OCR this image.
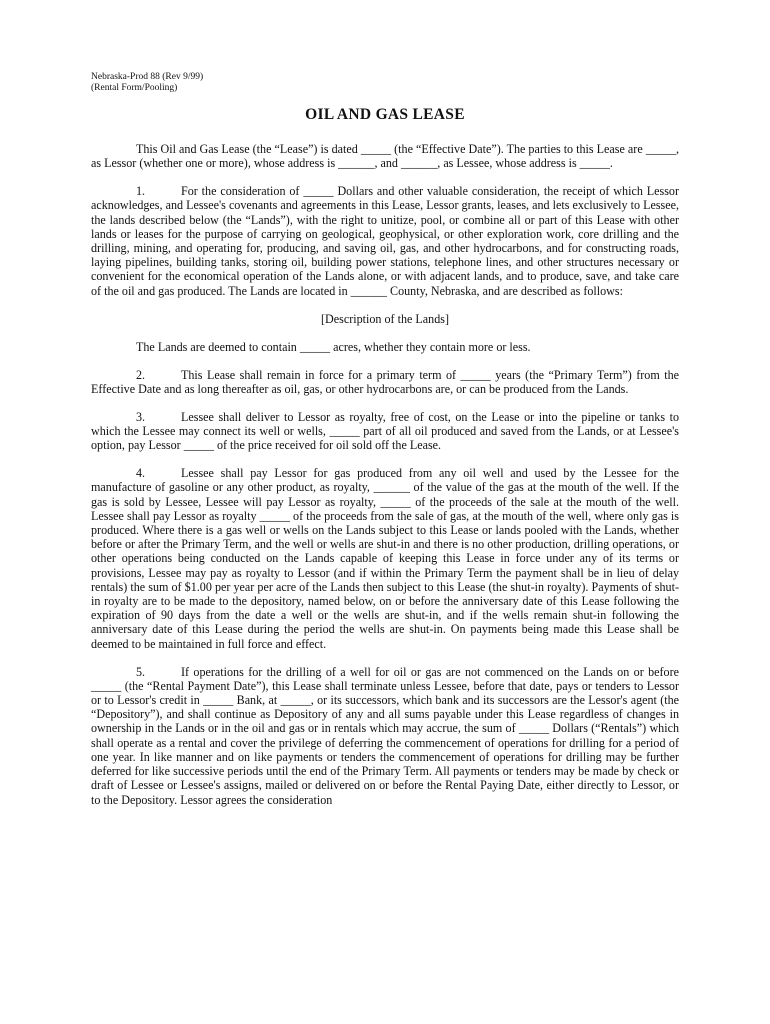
Nebraska-Prod 88 (Rev 9/99)
(Rental Form/Pooling)
OIL AND GAS LEASE

This Oil and Gas Lease (the “Lease”) is dated _____ (the “Effective Date”). The parties to this Lease are _____, as Lessor (whether one or more), whose address is ______, and ______, as Lessee, whose address is _____.

1.	For the consideration of _____ Dollars and other valuable consideration, the receipt of which Lessor acknowledges, and Lessee's covenants and agreements in this Lease, Lessor grants, leases, and lets exclusively to Lessee, the lands described below (the “Lands”), with the right to unitize, pool, or combine all or part of this Lease with other lands or leases for the purpose of carrying on geological, geophysical, or other exploration work, core drilling and the drilling, mining, and operating for, producing, and saving oil, gas, and other hydrocarbons, and for constructing roads, laying pipelines, building tanks, storing oil, building power stations, telephone lines, and other structures necessary or convenient for the economical operation of the Lands alone, or with adjacent lands, and to produce, save, and take care of the oil and gas produced. The Lands are located in ______ County, Nebraska, and are described as follows:

[Description of the Lands]

The Lands are deemed to contain _____ acres, whether they contain more or less.

2.	This Lease shall remain in force for a primary term of _____ years (the “Primary Term”) from the Effective Date and as long thereafter as oil, gas, or other hydrocarbons are, or can be produced from the Lands.

3.	Lessee shall deliver to Lessor as royalty, free of cost, on the Lease or into the pipeline or tanks to which the Lessee may connect its well or wells, _____ part of all oil produced and saved from the Lands, or at Lessee's option, pay Lessor _____ of the price received for oil sold off the Lease.

4.	Lessee shall pay Lessor for gas produced from any oil well and used by the Lessee for the manufacture of gasoline or any other product, as royalty, ______ of the value of the gas at the mouth of the well. If the gas is sold by Lessee, Lessee will pay Lessor as royalty, _____ of the proceeds of the sale at the mouth of the well. Lessee shall pay Lessor as royalty _____ of the proceeds from the sale of gas, at the mouth of the well, where only gas is produced. Where there is a gas well or wells on the Lands subject to this Lease or lands pooled with the Lands, whether before or after the Primary Term, and the well or wells are shut-in and there is no other production, drilling operations, or other operations being conducted on the Lands capable of keeping this Lease in force under any of its terms or provisions, Lessee may pay as royalty to Lessor (and if within the Primary Term the payment shall be in lieu of delay rentals) the sum of $1.00 per year per acre of the Lands then subject to this Lease (the shut-in royalty). Payments of shut-in royalty are to be made to the depository, named below, on or before the anniversary date of this Lease following the expiration of 90 days from the date a well or the wells are shut-in, and if the wells remain shut-in following the anniversary date of this Lease during the period the wells are shut-in. On payments being made this Lease shall be deemed to be maintained in full force and effect.

5.	If operations for the drilling of a well for oil or gas are not commenced on the Lands on or before _____ (the “Rental Payment Date”), this Lease shall terminate unless Lessee, before that date, pays or tenders to Lessor or to Lessor's credit in _____ Bank, at _____, or its successors, which bank and its successors are the Lessor's agent (the “Depository”), and shall continue as Depository of any and all sums payable under this Lease regardless of changes in ownership in the Lands or in the oil and gas or in rentals which may accrue, the sum of _____ Dollars (“Rentals”) which shall operate as a rental and cover the privilege of deferring the commencement of operations for drilling for a period of one year. In like manner and on like payments or tenders the commencement of operations for drilling may be further deferred for like successive periods until the end of the Primary Term. All payments or tenders may be made by check or draft of Lessee or Lessee's assigns, mailed or delivered on or before the Rental Paying Date, either directly to Lessor, or to the Depository. Lessor agrees the consideration
